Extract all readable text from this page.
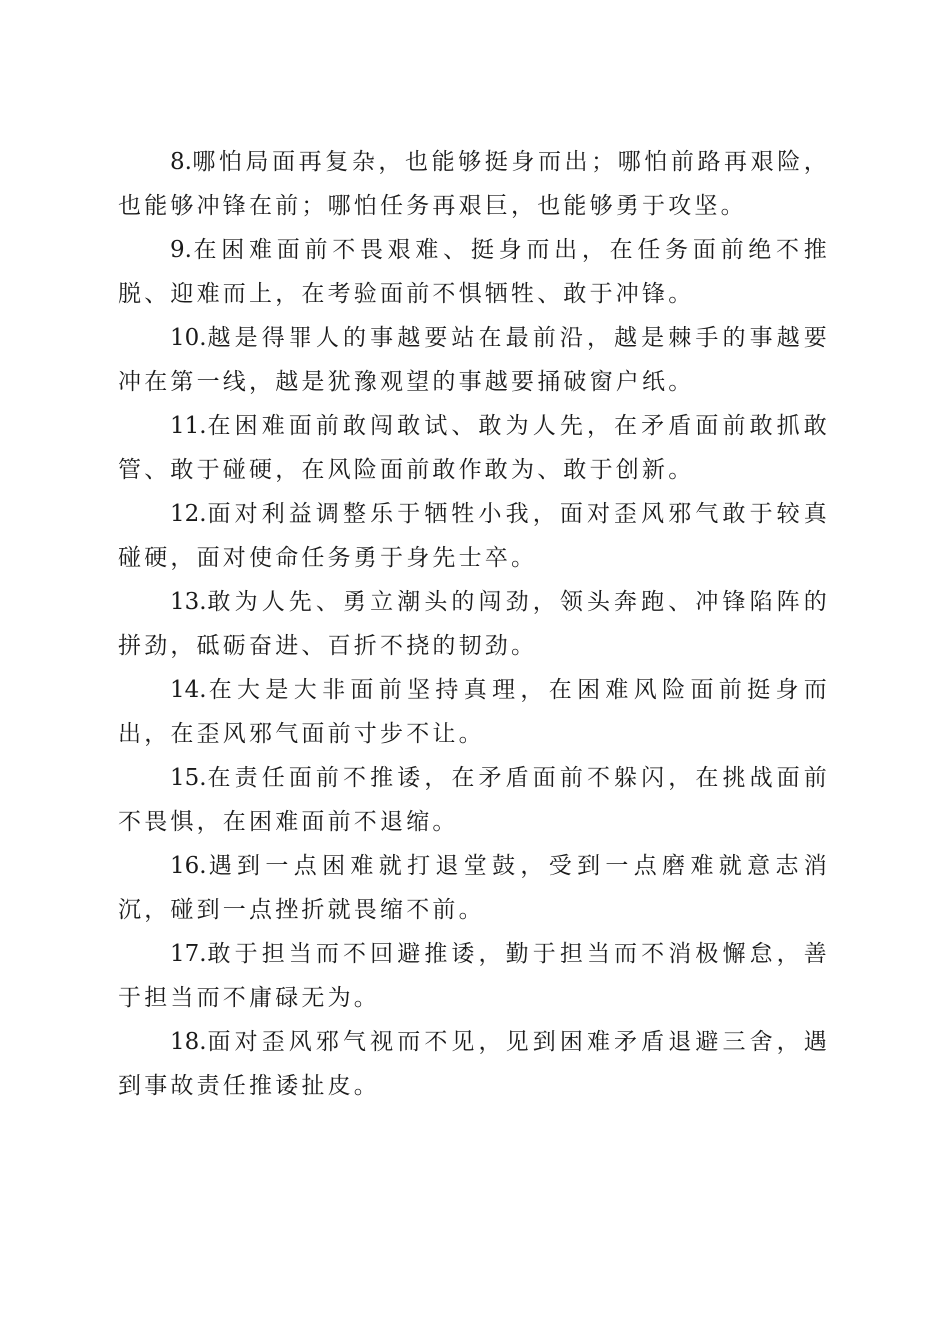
8.哪怕局面再复杂，也能够挺身而出；哪怕前路再艰险，也能够冲锋在前；哪怕任务再艰巨，也能够勇于攻坚。

9.在困难面前不畏艰难、挺身而出，在任务面前绝不推脱、迎难而上，在考验面前不惧牺牲、敢于冲锋。

10.越是得罪人的事越要站在最前沿，越是棘手的事越要冲在第一线，越是犹豫观望的事越要捅破窗户纸。

11.在困难面前敢闯敢试、敢为人先，在矛盾面前敢抓敢管、敢于碰硬，在风险面前敢作敢为、敢于创新。

12.面对利益调整乐于牺牲小我，面对歪风邪气敢于较真碰硬，面对使命任务勇于身先士卒。

13.敢为人先、勇立潮头的闯劲，领头奔跑、冲锋陷阵的拼劲，砥砺奋进、百折不挠的韧劲。

14.在大是大非面前坚持真理，在困难风险面前挺身而出，在歪风邪气面前寸步不让。

15.在责任面前不推诿，在矛盾面前不躲闪，在挑战面前不畏惧，在困难面前不退缩。

16.遇到一点困难就打退堂鼓，受到一点磨难就意志消沉，碰到一点挫折就畏缩不前。

17.敢于担当而不回避推诿，勤于担当而不消极懈怠，善于担当而不庸碌无为。

18.面对歪风邪气视而不见，见到困难矛盾退避三舍，遇到事故责任推诿扯皮。
